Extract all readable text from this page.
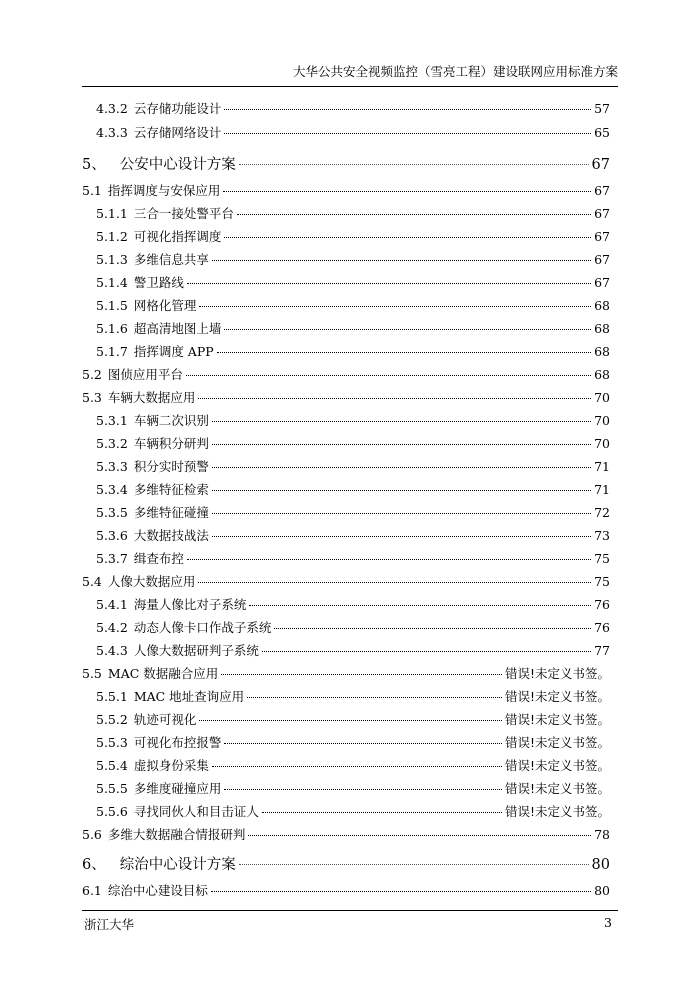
大华公共安全视频监控（雪亮工程）建设联网应用标准方案
4.3.2 云存储功能设计	57
4.3.3 云存储网络设计	65
5、 公安中心设计方案	67
5.1 指挥调度与安保应用	67
5.1.1 三合一接处警平台	67
5.1.2 可视化指挥调度	67
5.1.3 多维信息共享	67
5.1.4 警卫路线	67
5.1.5 网格化管理	68
5.1.6 超高清地图上墙	68
5.1.7 指挥调度 APP	68
5.2 图侦应用平台	68
5.3 车辆大数据应用	70
5.3.1 车辆二次识别	70
5.3.2 车辆积分研判	70
5.3.3 积分实时预警	71
5.3.4 多维特征检索	71
5.3.5 多维特征碰撞	72
5.3.6 大数据技战法	73
5.3.7 缉查布控	75
5.4 人像大数据应用	75
5.4.1 海量人像比对子系统	76
5.4.2 动态人像卡口作战子系统	76
5.4.3 人像大数据研判子系统	77
5.5 MAC 数据融合应用	错误!未定义书签。
5.5.1 MAC 地址查询应用	错误!未定义书签。
5.5.2 轨迹可视化	错误!未定义书签。
5.5.3 可视化布控报警	错误!未定义书签。
5.5.4 虚拟身份采集	错误!未定义书签。
5.5.5 多维度碰撞应用	错误!未定义书签。
5.5.6 寻找同伙人和目击证人	错误!未定义书签。
5.6 多维大数据融合情报研判	78
6、 综治中心设计方案	80
6.1 综治中心建设目标	80
浙江大华	3
